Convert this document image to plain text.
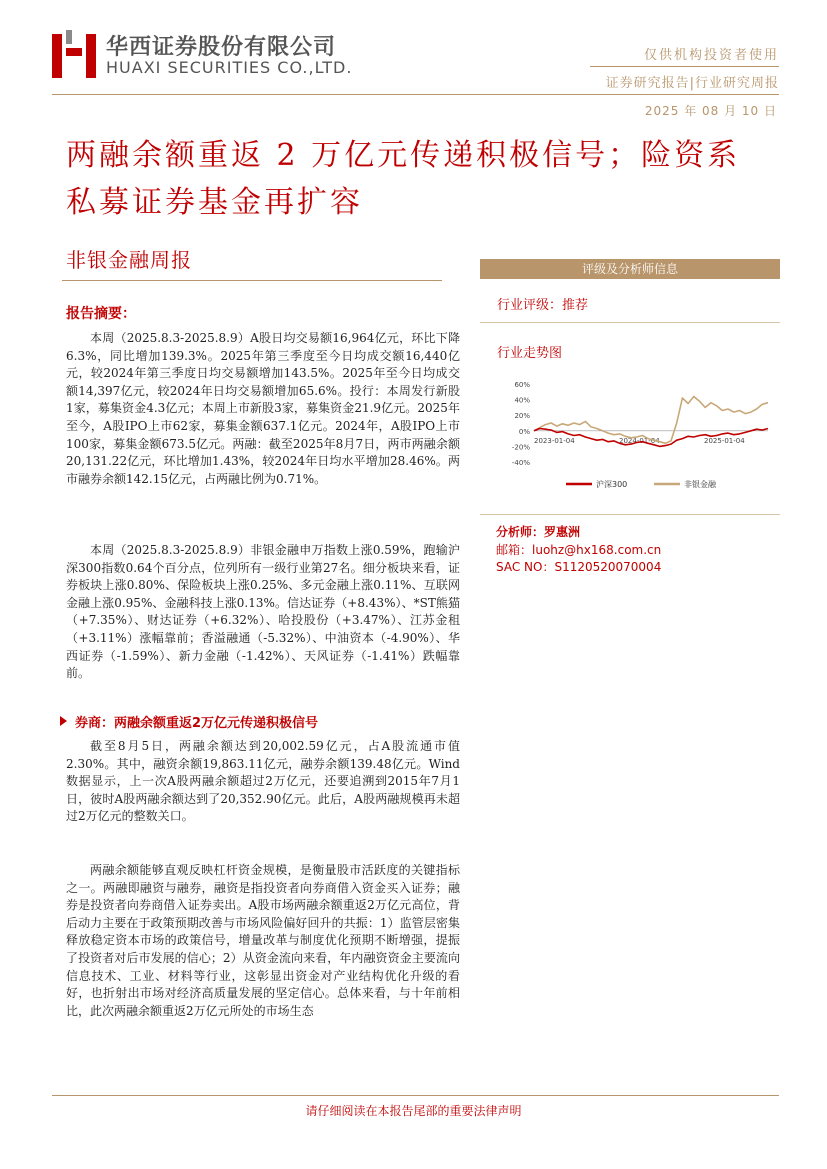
华西证券股份有限公司
HUAXI SECURITIES CO.,LTD.
仅供机构投资者使用
证券研究报告|行业研究周报
2025 年 08 月 10 日
两融余额重返 2 万亿元传递积极信号；险资系私募证券基金再扩容
非银金融周报	评级及分析师信息
行业评级：推荐
行业走势图
60%
40%
20%
0%
-20%
-40%
2023-01-04	2024-01-04	2025-01-04
沪深300	非银金融
分析师：罗惠洲
邮箱：luohz@hx168.com.cn
SAC NO：S1120520070004
报告摘要：

本周（2025.8.3-2025.8.9）A股日均交易额16,964亿元，环比下降6.3%，同比增加139.3%。2025年第三季度至今日均成交额16,440亿元，较2024年第三季度日均交易额增加143.5%。2025年至今日均成交额14,397亿元，较2024年日均交易额增加65.6%。投行：本周发行新股1家，募集资金4.3亿元；本周上市新股3家，募集资金21.9亿元。2025年至今，A股IPO上市62家，募集金额637.1亿元。2024年，A股IPO上市100家，募集金额673.5亿元。两融：截至2025年8月7日，两市两融余额20,131.22亿元，环比增加1.43%，较2024年日均水平增加28.46%。两市融券余额142.15亿元，占两融比例为0.71%。

本周（2025.8.3-2025.8.9）非银金融申万指数上涨0.59%，跑输沪深300指数0.64个百分点，位列所有一级行业第27名。细分板块来看，证券板块上涨0.80%、保险板块上涨0.25%、多元金融上涨0.11%、互联网金融上涨0.95%、金融科技上涨0.13%。信达证券（+8.43%）、*ST熊猫（+7.35%）、财达证券（+6.32%）、哈投股份（+3.47%）、江苏金租（+3.11%）涨幅靠前；香溢融通（-5.32%）、中油资本（-4.90%）、华西证券（-1.59%）、新力金融（-1.42%）、天风证券（-1.41%）跌幅靠前。

券商：两融余额重返2万亿元传递积极信号

截至8月5日，两融余额达到20,002.59亿元，占A股流通市值2.30%。其中，融资余额19,863.11亿元，融券余额139.48亿元。Wind数据显示，上一次A股两融余额超过2万亿元，还要追溯到2015年7月1日，彼时A股两融余额达到了20,352.90亿元。此后，A股两融规模再未超过2万亿元的整数关口。

两融余额能够直观反映杠杆资金规模，是衡量股市活跃度的关键指标之一。两融即融资与融券，融资是指投资者向券商借入资金买入证券；融券是投资者向券商借入证券卖出。A股市场两融余额重返2万亿元高位，背后动力主要在于政策预期改善与市场风险偏好回升的共振：1）监管层密集释放稳定资本市场的政策信号，增量改革与制度优化预期不断增强，提振了投资者对后市发展的信心；2）从资金流向来看，年内融资资金主要流向信息技术、工业、材料等行业，这彰显出资金对产业结构优化升级的看好，也折射出市场对经济高质量发展的坚定信心。总体来看，与十年前相比，此次两融余额重返2万亿元所处的市场生态

请仔细阅读在本报告尾部的重要法律声明
